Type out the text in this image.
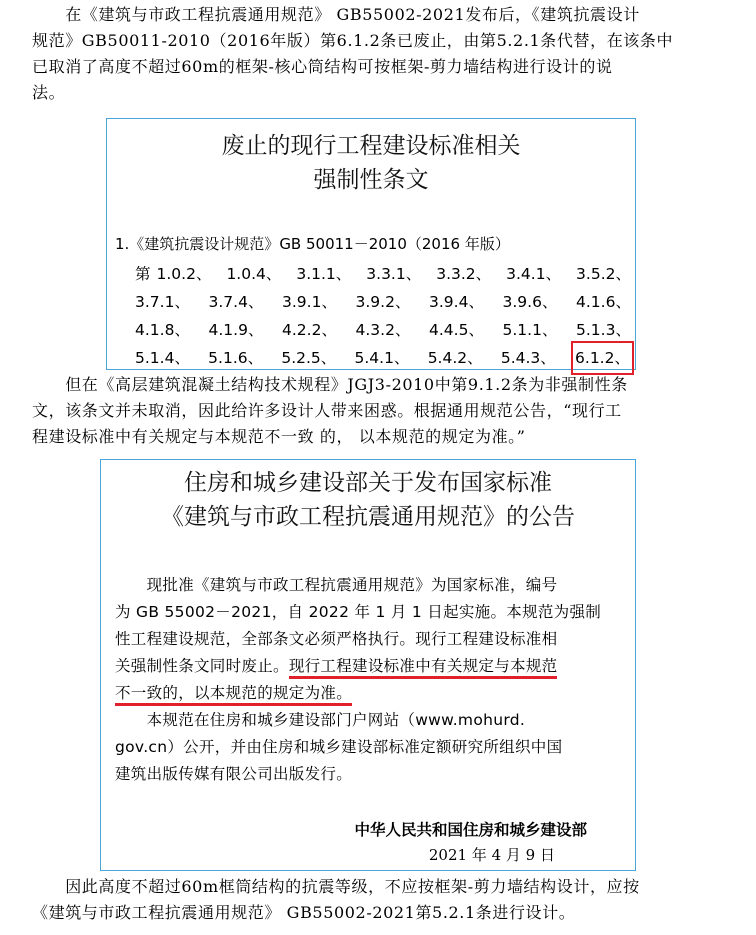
　　在《建筑与市政工程抗震通用规范》 GB55002-2021发布后，《建筑抗震设计
规范》GB50011-2010（2016年版）第6.1.2条已废止，由第5.2.1条代替，在该条中
已取消了高度不超过60m的框架-核心筒结构可按框架-剪力墙结构进行设计的说
法。
废止的现行工程建设标准相关
强制性条文
1.《建筑抗震设计规范》GB 50011－2010（2016 年版）
第 1.0.2、 1.0.4、 3.1.1、 3.3.1、 3.3.2、 3.4.1、 3.5.2、
3.7.1、 3.7.4、 3.9.1、 3.9.2、 3.9.4、 3.9.6、 4.1.6、
4.1.8、 4.1.9、 4.2.2、 4.3.2、 4.4.5、 5.1.1、 5.1.3、
5.1.4、 5.1.6、 5.2.5、 5.4.1、 5.4.2、 5.4.3、 6.1.2、
　　但在《高层建筑混凝土结构技术规程》JGJ3-2010中第9.1.2条为非强制性条
文，该条文并未取消，因此给许多设计人带来困惑。根据通用规范公告，“现行工
程建设标准中有关规定与本规范不一致 的， 以本规范的规定为准。”
住房和城乡建设部关于发布国家标准
《建筑与市政工程抗震通用规范》的公告
　　现批准《建筑与市政工程抗震通用规范》为国家标准，编号
为 GB 55002－2021，自 2022 年 1 月 1 日起实施。本规范为强制
性工程建设规范，全部条文必须严格执行。现行工程建设标准相
关强制性条文同时废止。现行工程建设标准中有关规定与本规范
不一致的，以本规范的规定为准。
　　本规范在住房和城乡建设部门户网站（www.mohurd.
gov.cn）公开，并由住房和城乡建设部标准定额研究所组织中国
建筑出版传媒有限公司出版发行。
中华人民共和国住房和城乡建设部
2021 年 4 月 9 日
　　因此高度不超过60m框筒结构的抗震等级，不应按框架-剪力墙结构设计，应按
《建筑与市政工程抗震通用规范》 GB55002-2021第5.2.1条进行设计。
